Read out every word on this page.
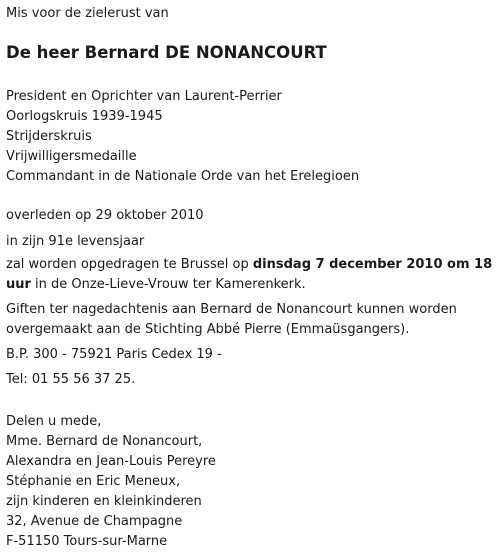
Mis voor de zielerust van
De heer Bernard DE NONANCOURT
President en Oprichter van Laurent-Perrier
Oorlogskruis 1939-1945
Strijderskruis
Vrijwilligersmedaille
Commandant in de Nationale Orde van het Erelegioen
overleden op 29 oktober 2010
in zijn 91e levensjaar
zal worden opgedragen te Brussel op dinsdag 7 december 2010 om 18
uur in de Onze-Lieve-Vrouw ter Kamerenkerk.
Giften ter nagedachtenis aan Bernard de Nonancourt kunnen worden
overgemaakt aan de Stichting Abbé Pierre (Emmaüsgangers).
B.P. 300 - 75921 Paris Cedex 19 -
Tel: 01 55 56 37 25.
Delen u mede,
Mme. Bernard de Nonancourt,
Alexandra en Jean-Louis Pereyre
Stéphanie en Eric Meneux,
zijn kinderen en kleinkinderen
32, Avenue de Champagne
F-51150 Tours-sur-Marne
